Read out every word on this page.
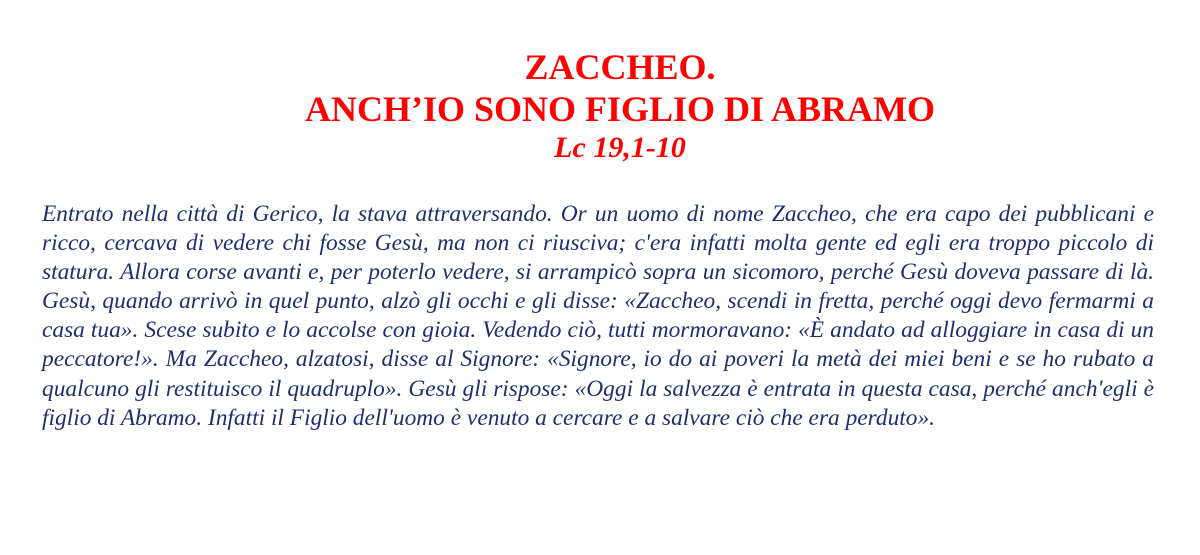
ZACCHEO.
ANCH’IO SONO FIGLIO DI ABRAMO
Lc 19,1-10
Entrato nella città di Gerico, la stava attraversando. Or un uomo di nome Zaccheo, che era capo dei pubblicani e ricco, cercava di vedere chi fosse Gesù, ma non ci riusciva; c'era infatti molta gente ed egli era troppo piccolo di statura. Allora corse avanti e, per poterlo vedere, si arrampicò sopra un sicomoro, perché Gesù doveva passare di là. Gesù, quando arrivò in quel punto, alzò gli occhi e gli disse: «Zaccheo, scendi in fretta, perché oggi devo fermarmi a casa tua». Scese subito e lo accolse con gioia. Vedendo ciò, tutti mormoravano: «È andato ad alloggiare in casa di un peccatore!». Ma Zaccheo, alzatosi, disse al Signore: «Signore, io do ai poveri la metà dei miei beni e se ho rubato a qualcuno gli restituisco il quadruplo». Gesù gli rispose: «Oggi la salvezza è entrata in questa casa, perché anch'egli è figlio di Abramo. Infatti il Figlio dell'uomo è venuto a cercare e a salvare ciò che era perduto».
